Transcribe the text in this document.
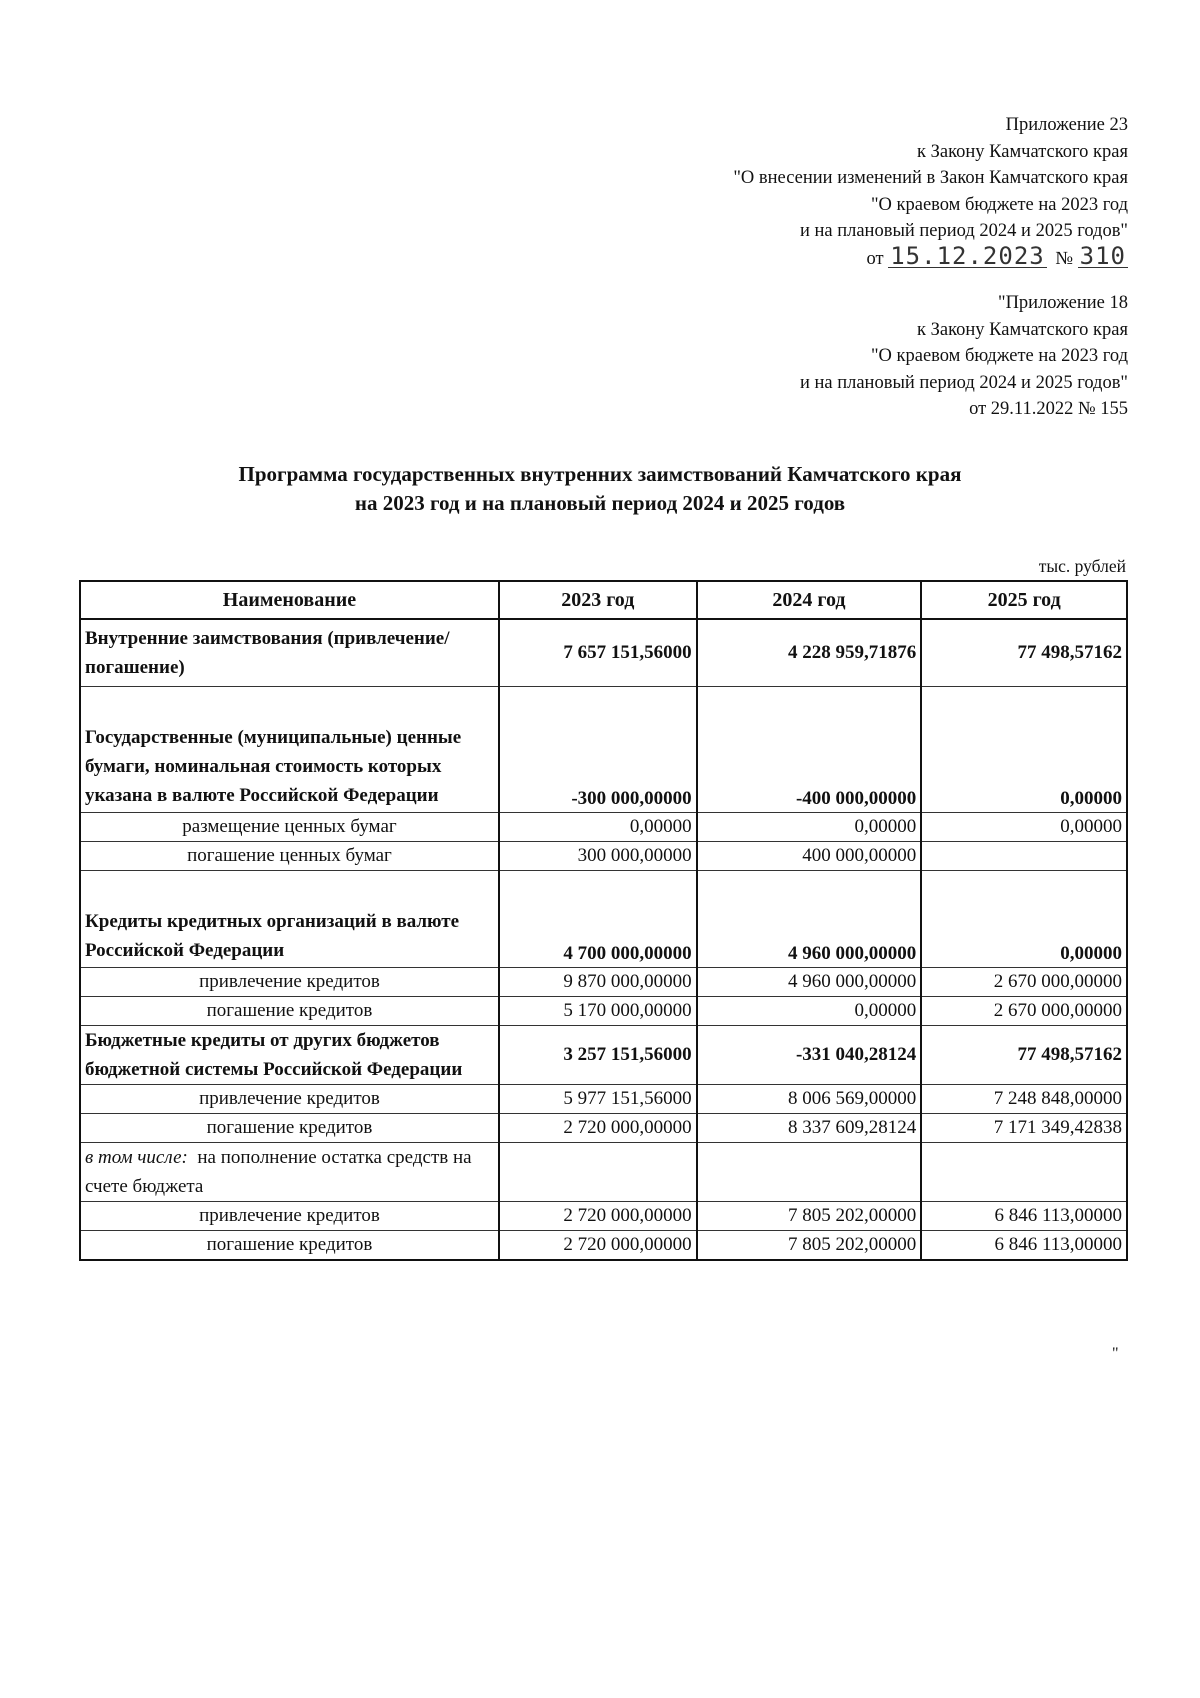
Приложение 23
к Закону Камчатского края
"О внесении изменений в Закон Камчатского края
"О краевом бюджете на 2023 год
и на плановый период 2024 и 2025 годов"
от 15.12.2023 № 310
"Приложение 18
к Закону Камчатского края
"О краевом бюджете на 2023 год
и на плановый период 2024 и 2025 годов"
от 29.11.2022 № 155
Программа государственных внутренних заимствований Камчатского края
на 2023 год и на плановый период 2024 и 2025 годов
тыс. рублей
Наименование	2023 год	2024 год	2025 год
Внутренние заимствования (привлечение/погашение)	7 657 151,56000	4 228 959,71876	77 498,57162

Государственные (муниципальные) ценные бумаги, номинальная стоимость которых указана в валюте Российской Федерации	-300 000,00000	-400 000,00000	0,00000
размещение ценных бумаг	0,00000	0,00000	0,00000
погашение ценных бумаг	300 000,00000	400 000,00000	

Кредиты кредитных организаций в валюте Российской Федерации	4 700 000,00000	4 960 000,00000	0,00000
привлечение кредитов	9 870 000,00000	4 960 000,00000	2 670 000,00000
погашение кредитов	5 170 000,00000	0,00000	2 670 000,00000
Бюджетные кредиты от других бюджетов бюджетной системы Российской Федерации	3 257 151,56000	-331 040,28124	77 498,57162
привлечение кредитов	5 977 151,56000	8 006 569,00000	7 248 848,00000
погашение кредитов	2 720 000,00000	8 337 609,28124	7 171 349,42838
в том числе: на пополнение остатка средств на счете бюджета			
привлечение кредитов	2 720 000,00000	7 805 202,00000	6 846 113,00000
погашение кредитов	2 720 000,00000	7 805 202,00000	6 846 113,00000
"
